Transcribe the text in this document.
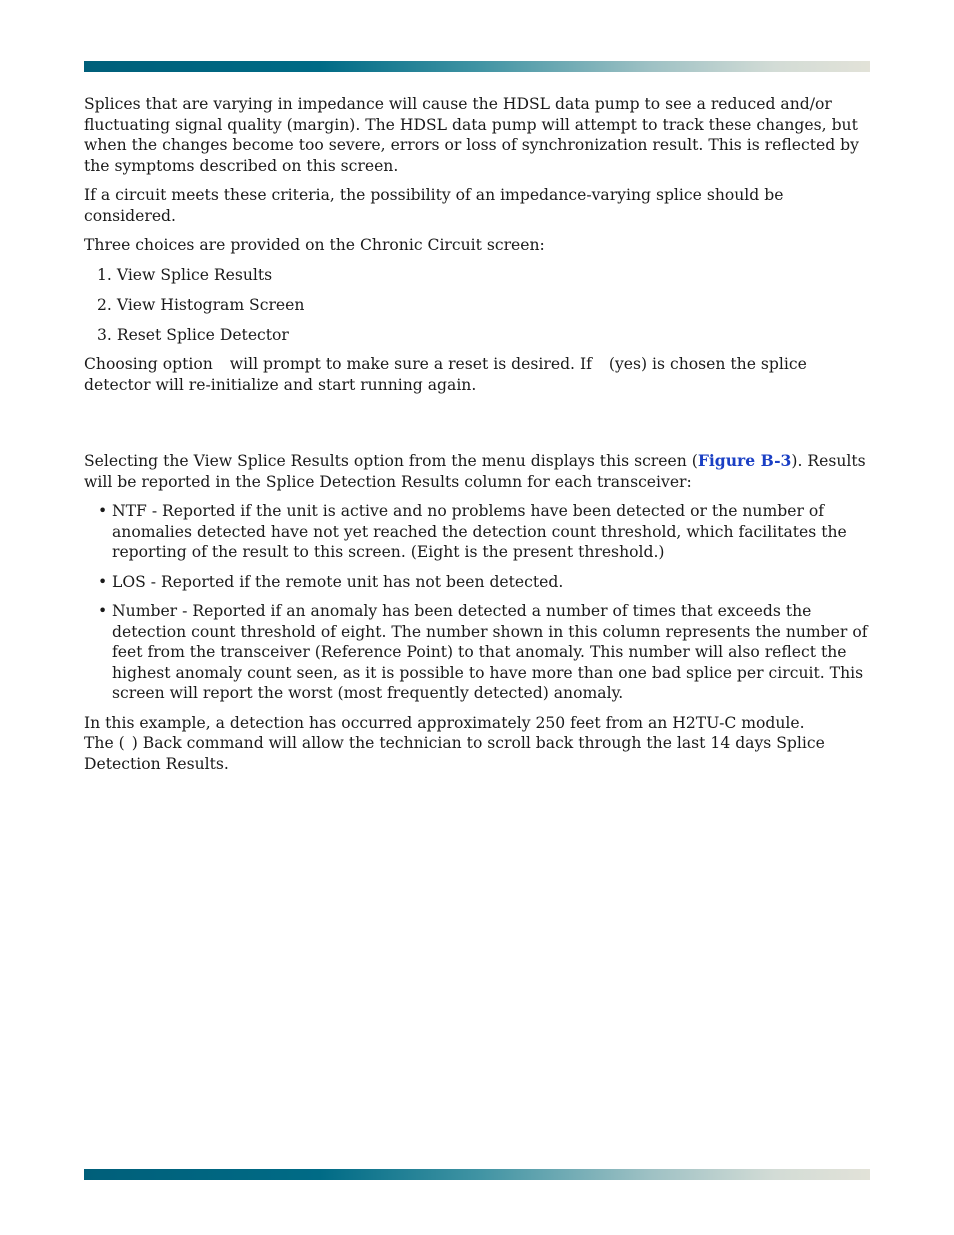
Splices that are varying in impedance will cause the HDSL data pump to see a reduced and/or fluctuating signal quality (margin). The HDSL data pump will attempt to track these changes, but when the changes become too severe, errors or loss of synchronization result. This is reflected by the symptoms described on this screen.

If a circuit meets these criteria, the possibility of an impedance-varying splice should be considered.

Three choices are provided on the Chronic Circuit screen:

1. View Splice Results
2. View Histogram Screen
3. Reset Splice Detector

Choosing option will prompt to make sure a reset is desired. If (yes) is chosen the splice detector will re-initialize and start running again.

Selecting the View Splice Results option from the menu displays this screen (Figure B-3). Results will be reported in the Splice Detection Results column for each transceiver:

• NTF - Reported if the unit is active and no problems have been detected or the number of anomalies detected have not yet reached the detection count threshold, which facilitates the reporting of the result to this screen. (Eight is the present threshold.)
• LOS - Reported if the remote unit has not been detected.
• Number - Reported if an anomaly has been detected a number of times that exceeds the detection count threshold of eight. The number shown in this column represents the number of feet from the transceiver (Reference Point) to that anomaly. This number will also reflect the highest anomaly count seen, as it is possible to have more than one bad splice per circuit. This screen will report the worst (most frequently detected) anomaly.

In this example, a detection has occurred approximately 250 feet from an H2TU-C module.
The ( ) Back command will allow the technician to scroll back through the last 14 days Splice Detection Results.
